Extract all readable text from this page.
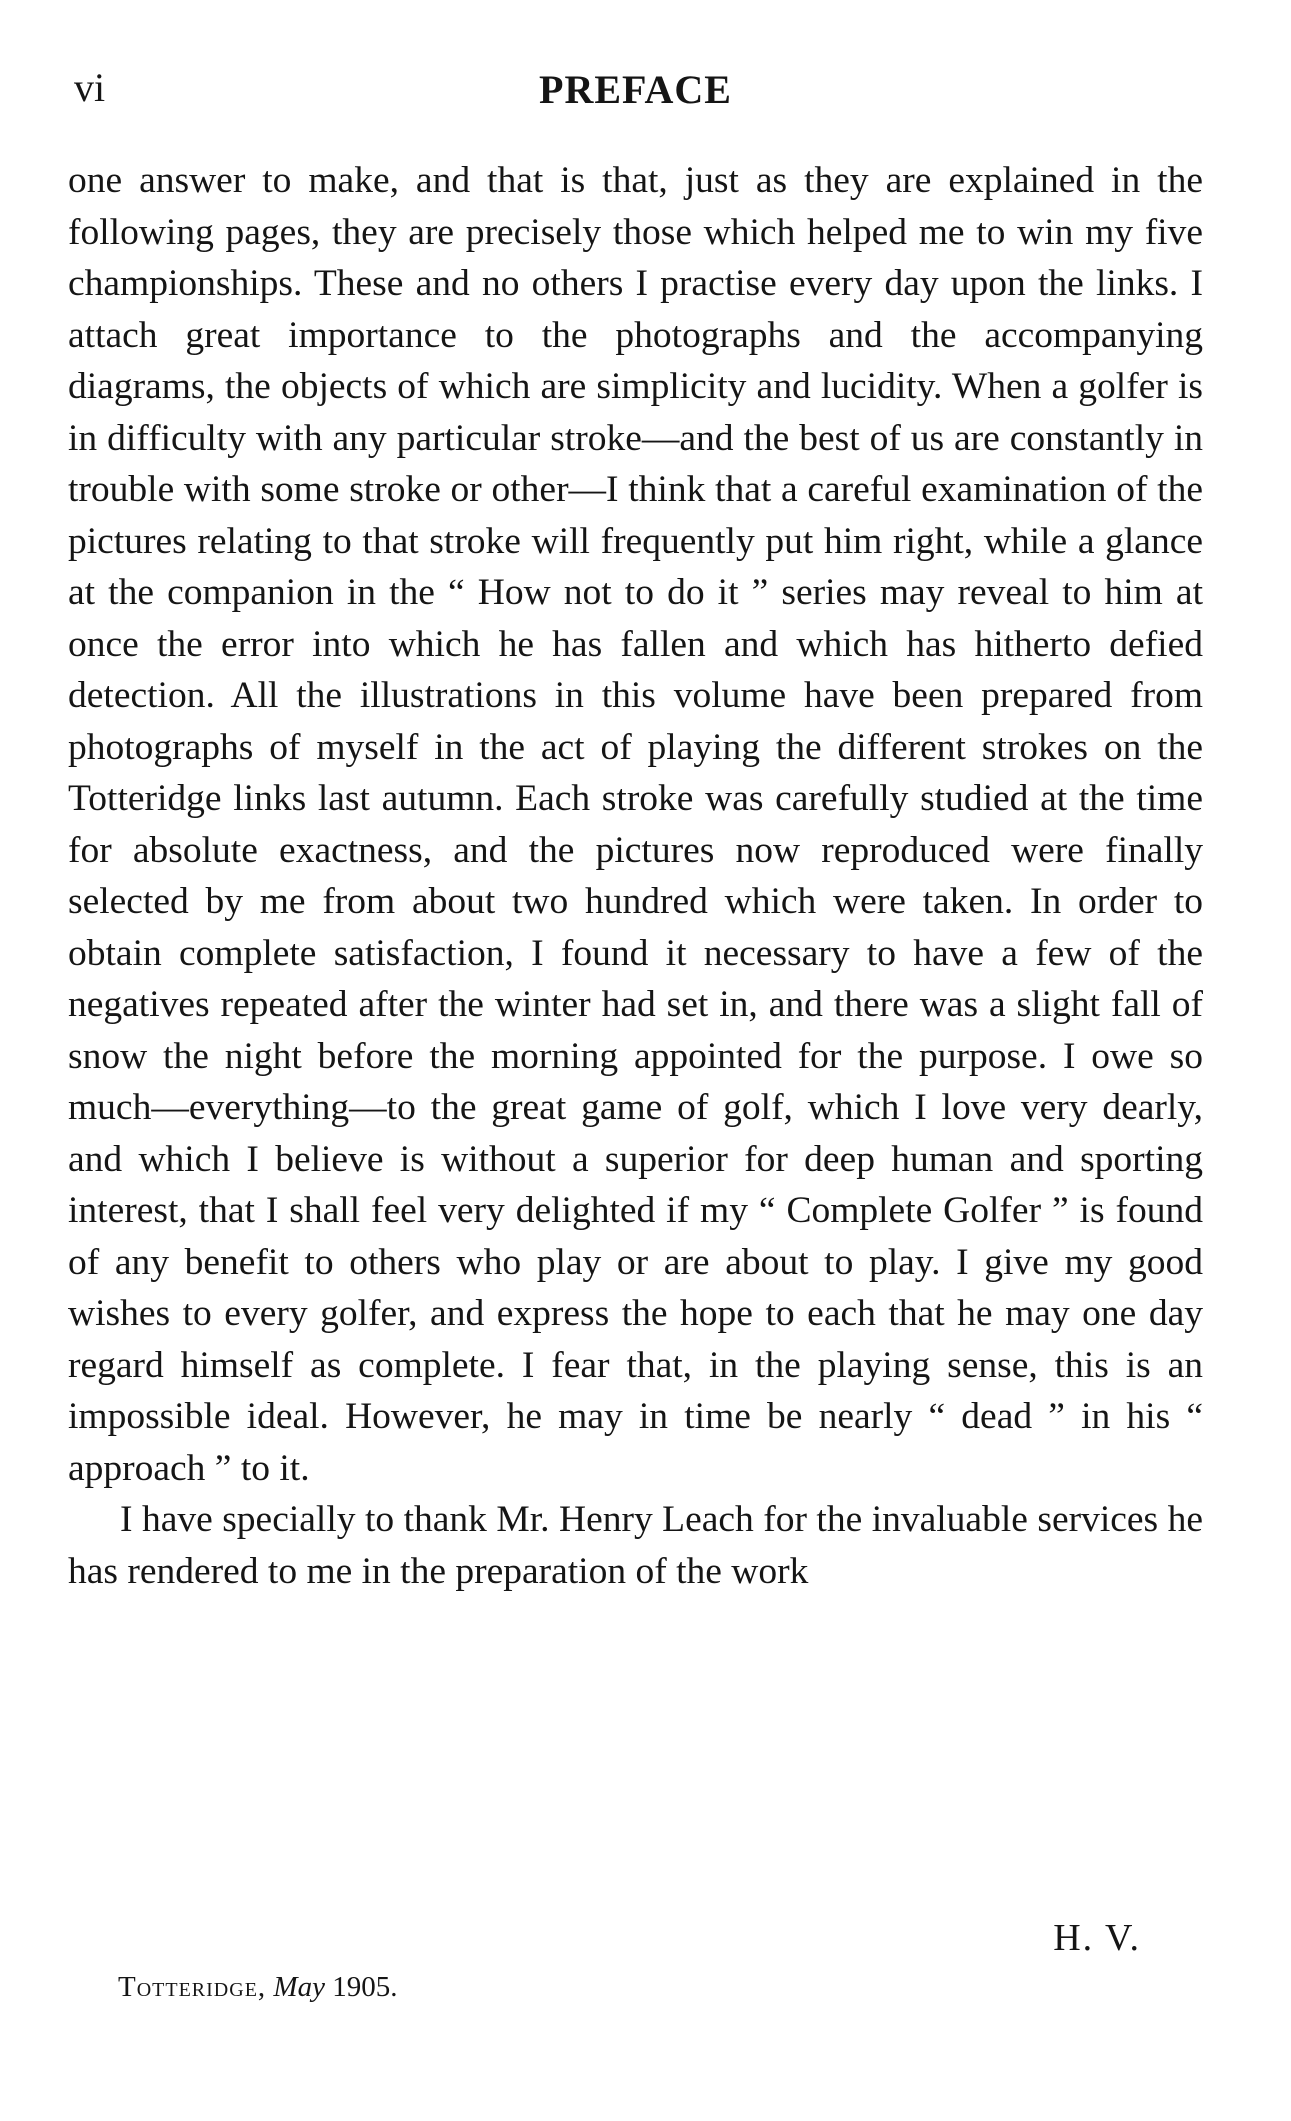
vi	PREFACE

one answer to make, and that is that, just as they are explained in the following pages, they are precisely those which helped me to win my five championships. These and no others I practise every day upon the links. I attach great importance to the photographs and the accompanying diagrams, the objects of which are simplicity and lucidity. When a golfer is in difficulty with any particular stroke—and the best of us are constantly in trouble with some stroke or other—I think that a careful examination of the pictures relating to that stroke will frequently put him right, while a glance at the companion in the “ How not to do it ” series may reveal to him at once the error into which he has fallen and which has hitherto defied detection. All the illustrations in this volume have been prepared from photographs of myself in the act of playing the different strokes on the Totteridge links last autumn. Each stroke was carefully studied at the time for absolute exactness, and the pictures now reproduced were finally selected by me from about two hundred which were taken. In order to obtain complete satisfaction, I found it necessary to have a few of the negatives repeated after the winter had set in, and there was a slight fall of snow the night before the morning appointed for the purpose. I owe so much—everything—to the great game of golf, which I love very dearly, and which I believe is without a superior for deep human and sporting interest, that I shall feel very delighted if my “ Complete Golfer ” is found of any benefit to others who play or are about to play. I give my good wishes to every golfer, and express the hope to each that he may one day regard himself as complete. I fear that, in the playing sense, this is an impossible ideal. However, he may in time be nearly “ dead ” in his “ approach ” to it.

I have specially to thank Mr. Henry Leach for the invaluable services he has rendered to me in the preparation of the work

H. V.
Totteridge, May 1905.
